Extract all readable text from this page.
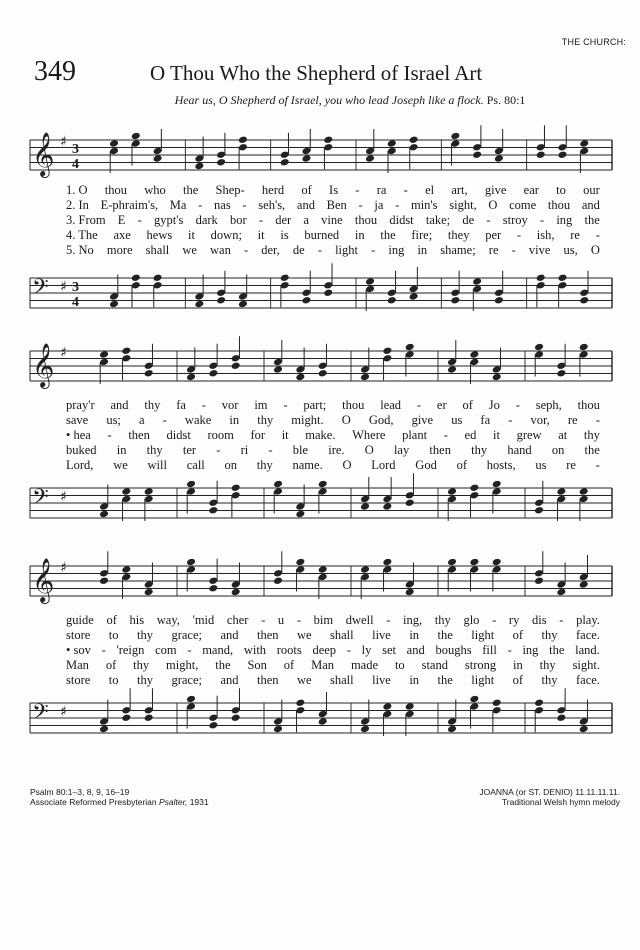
THE CHURCH:
349	O Thou Who the Shepherd of Israel Art
Hear us, O Shepherd of Israel, you who lead Joseph like a flock. Ps. 80:1
𝄞 ♯ 3
4
𝄢 ♯ 3
4
1. O thou who the Shep- herd of Is - ra - el art, give ear to our
2. In E-phraim's, Ma - nas - seh's, and Ben - ja - min's sight, O come thou and
3. From E - gypt's dark bor - der a vine thou didst take; de - stroy - ing the
4. The axe hews it down; it is burned in the fire; they per - ish, re -
5. No more shall we wan - der, de - light - ing in shame; re - vive us, O
𝄞 ♯
𝄢 ♯
pray'r and thy fa - vor im - part; thou lead - er of Jo - seph, thou
save us; a - wake in thy might. O God, give us fa - vor, re -
• hea - then didst room for it make. Where plant - ed it grew at thy
buked in thy ter - ri - ble ire. O lay then thy hand on the
Lord, we will call on thy name. O Lord God of hosts, us re -
𝄞 ♯
𝄢 ♯
guide of his way, 'mid cher - u - bim dwell - ing, thy glo - ry dis - play.
store to thy grace; and then we shall live in the light of thy face.
• sov - 'reign com - mand, with roots deep - ly set and boughs fill - ing the land.
Man of thy might, the Son of Man made to stand strong in thy sight.
store to thy grace; and then we shall live in the light of thy face.
Psalm 80:1–3, 8, 9, 16–19
Associate Reformed Presbyterian Psalter, 1931
JOANNA (or ST. DENIO) 11.11.11.11.
Traditional Welsh hymn melody
